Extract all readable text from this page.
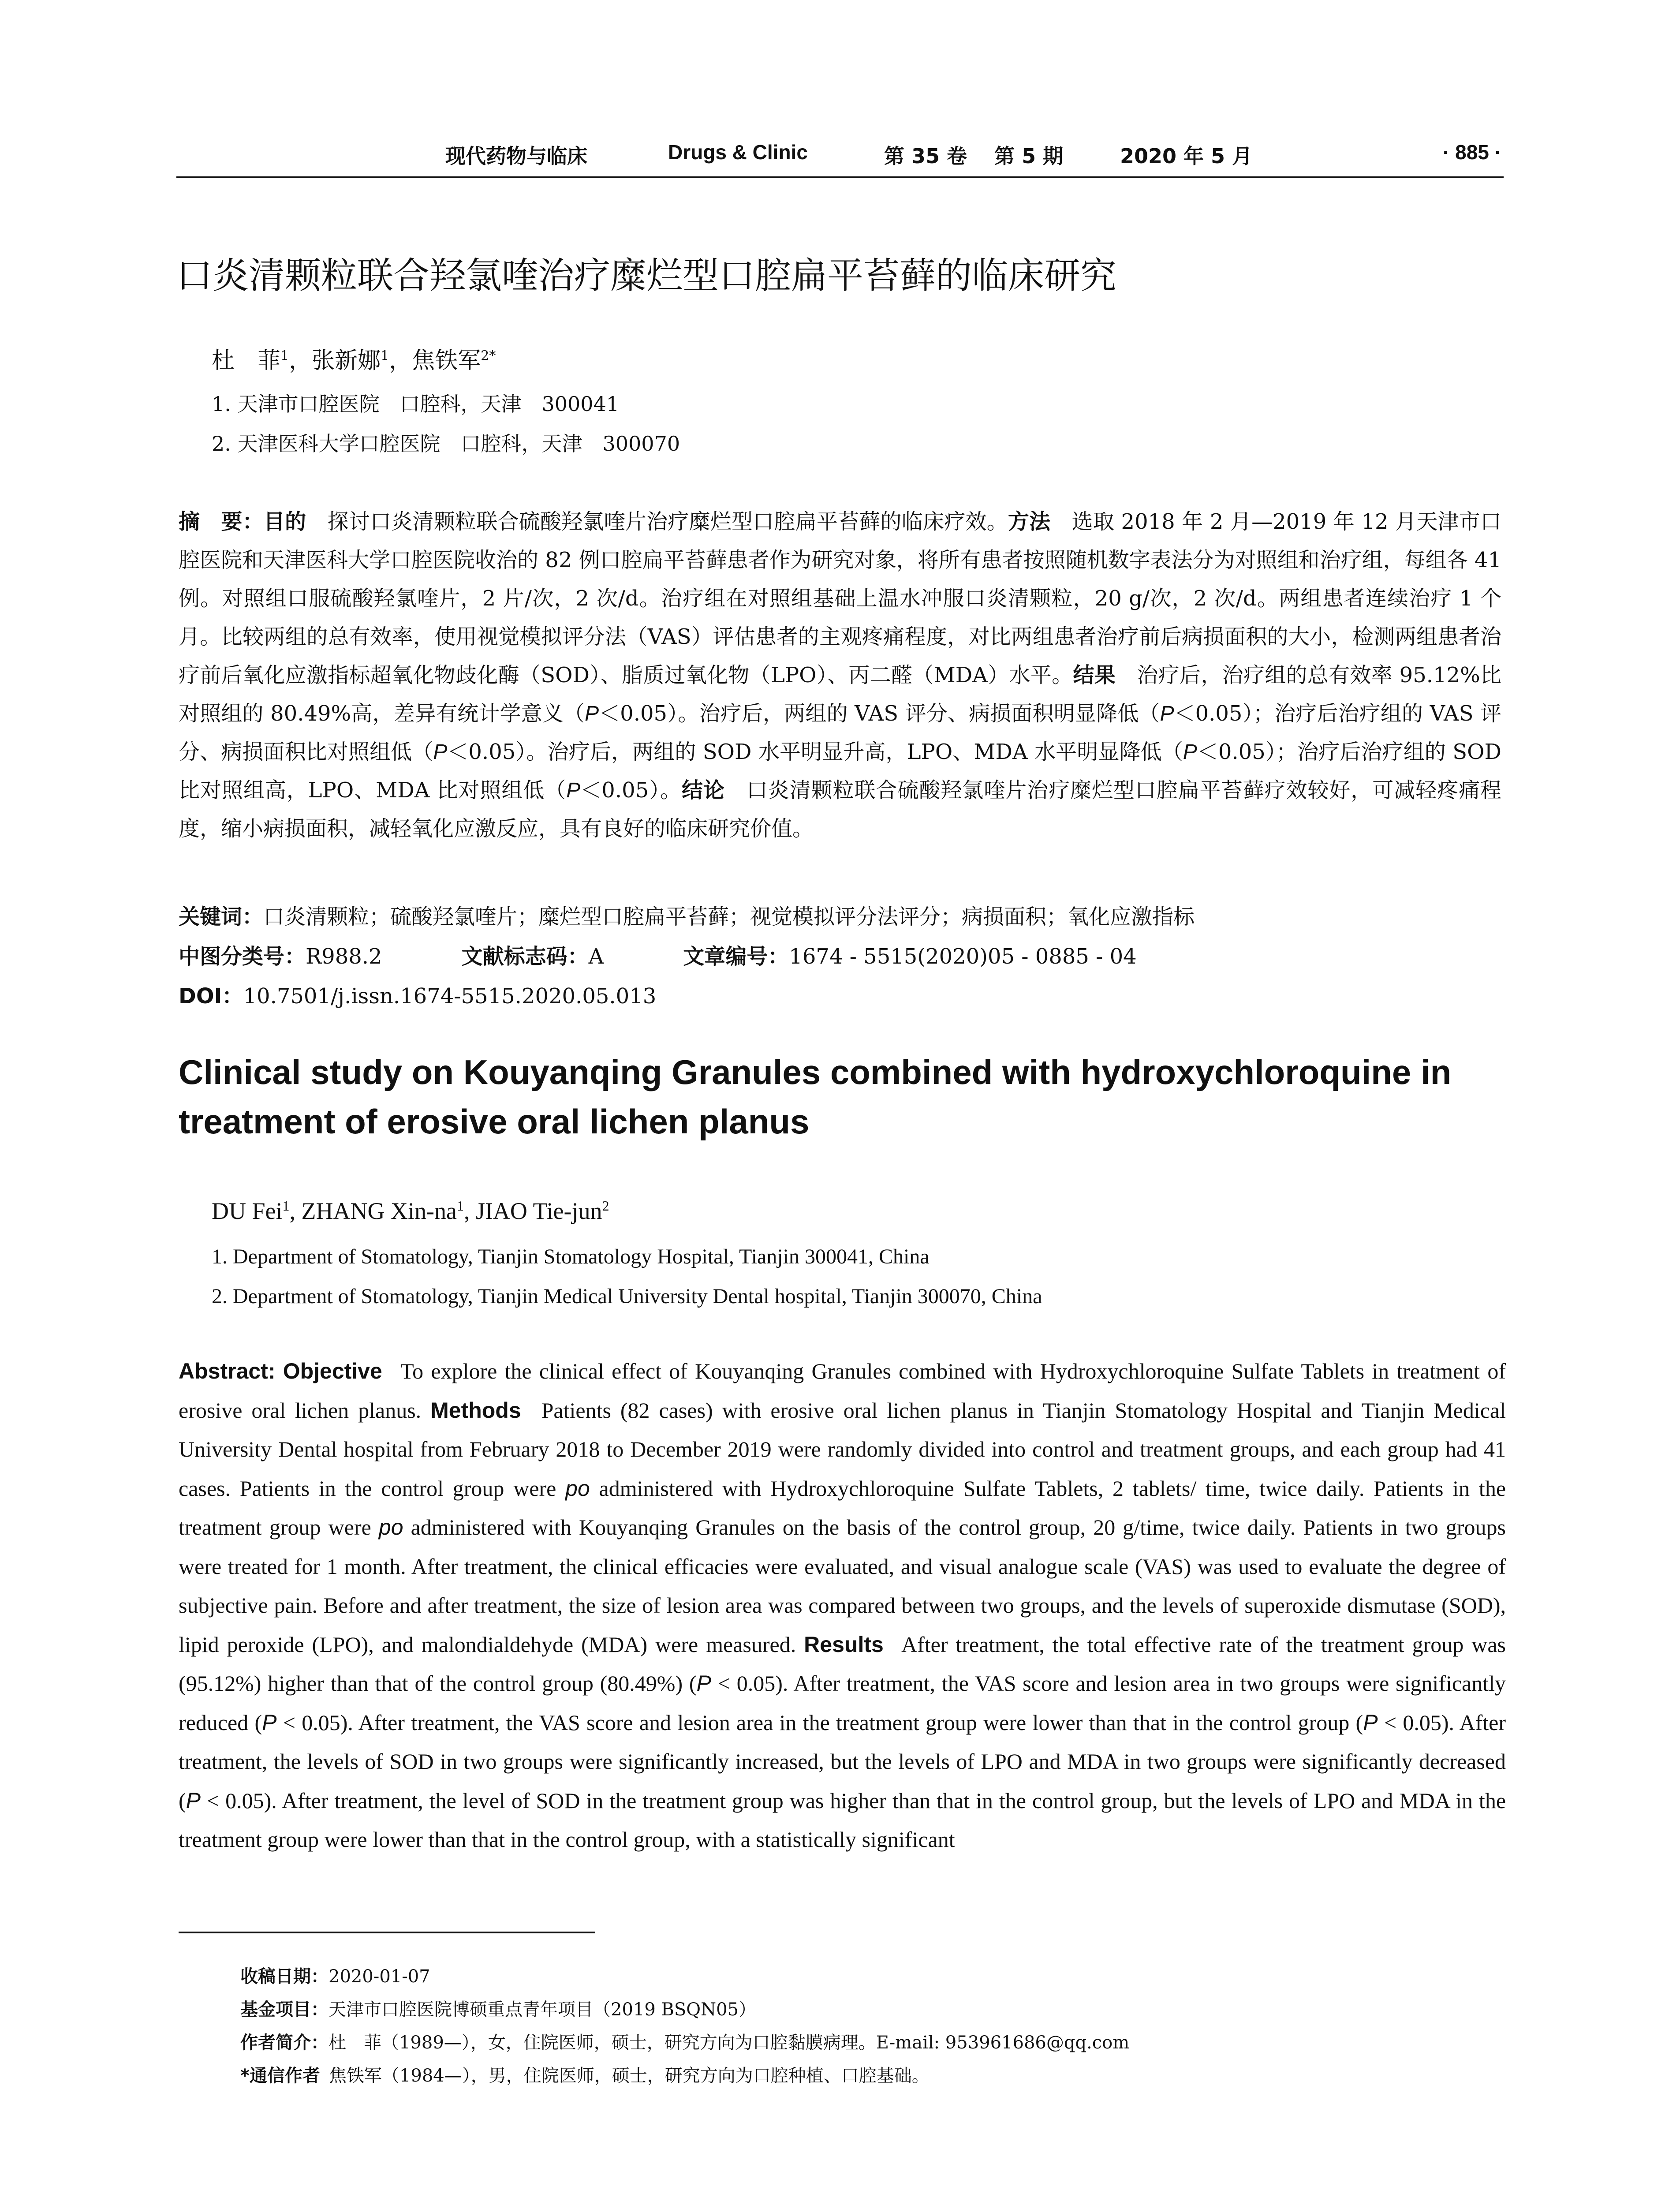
现代药物与临床	Drugs & Clinic	第 35 卷 第 5 期	2020 年 5 月	· 885 ·
口炎清颗粒联合羟氯喹治疗糜烂型口腔扁平苔藓的临床研究
杜　菲$^1$，张新娜$^1$，焦铁军$^{2*}$
1. 天津市口腔医院　口腔科，天津　300041
2. 天津医科大学口腔医院　口腔科，天津　300070
摘　要：目的  探讨口炎清颗粒联合硫酸羟氯喹片治疗糜烂型口腔扁平苔藓的临床疗效。方法  选取 2018 年 2 月—2019 年 12 月天津市口腔医院和天津医科大学口腔医院收治的 82 例口腔扁平苔藓患者作为研究对象，将所有患者按照随机数字表法分为对照组和治疗组，每组各 41 例。对照组口服硫酸羟氯喹片，2 片/次，2 次/d。治疗组在对照组基础上温水冲服口炎清颗粒，20 g/次，2 次/d。两组患者连续治疗 1 个月。比较两组的总有效率，使用视觉模拟评分法（VAS）评估患者的主观疼痛程度，对比两组患者治疗前后病损面积的大小，检测两组患者治疗前后氧化应激指标超氧化物歧化酶（SOD）、脂质过氧化物（LPO）、丙二醛（MDA）水平。结果  治疗后，治疗组的总有效率 95.12%比对照组的 80.49%高，差异有统计学意义（P＜0.05）。治疗后，两组的 VAS 评分、病损面积明显降低（P＜0.05）；治疗后治疗组的 VAS 评分、病损面积比对照组低（P＜0.05）。治疗后，两组的 SOD 水平明显升高，LPO、MDA 水平明显降低（P＜0.05）；治疗后治疗组的 SOD 比对照组高，LPO、MDA 比对照组低（P＜0.05）。结论  口炎清颗粒联合硫酸羟氯喹片治疗糜烂型口腔扁平苔藓疗效较好，可减轻疼痛程度，缩小病损面积，减轻氧化应激反应，具有良好的临床研究价值。
关键词：口炎清颗粒；硫酸羟氯喹片；糜烂型口腔扁平苔藓；视觉模拟评分法评分；病损面积；氧化应激指标
中图分类号：R988.2	文献标志码：A	文章编号：1674 - 5515(2020)05 - 0885 - 04
DOI：10.7501/j.issn.1674-5515.2020.05.013
Clinical study on Kouyanqing Granules combined with hydroxychloroquine in treatment of erosive oral lichen planus
DU Fei$^1$, ZHANG Xin-$na^1$, JIAO Tie-jun$^2$
1. Department of Stomatology, Tianjin Stomatology Hospital, Tianjin 300041, China
2. Department of Stomatology, Tianjin Medical University Dental hospital, Tianjin 300070, China
Abstract: Objective  To explore the clinical effect of Kouyanqing Granules combined with Hydroxychloroquine Sulfate Tablets in treatment of erosive oral lichen planus. Methods  Patients (82 cases) with erosive oral lichen planus in Tianjin Stomatology Hospital and Tianjin Medical University Dental hospital from February 2018 to December 2019 were randomly divided into control and treatment groups, and each group had 41 cases. Patients in the control group were po administered with Hydroxychloroquine Sulfate Tablets, 2 tablets/ time, twice daily. Patients in the treatment group were po administered with Kouyanqing Granules on the basis of the control group, 20 g/time, twice daily. Patients in two groups were treated for 1 month. After treatment, the clinical efficacies were evaluated, and visual analogue scale (VAS) was used to evaluate the degree of subjective pain. Before and after treatment, the size of lesion area was compared between two groups, and the levels of superoxide dismutase (SOD), lipid peroxide (LPO), and malondialdehyde (MDA) were measured. Results  After treatment, the total effective rate of the treatment group was (95.12%) higher than that of the control group (80.49%) (P < 0.05). After treatment, the VAS score and lesion area in two groups were significantly reduced (P < 0.05). After treatment, the VAS score and lesion area in the treatment group were lower than that in the control group (P < 0.05). After treatment, the levels of SOD in two groups were significantly increased, but the levels of LPO and MDA in two groups were significantly decreased (P < 0.05). After treatment, the level of SOD in the treatment group was higher than that in the control group, but the levels of LPO and MDA in the treatment group were lower than that in the control group, with a statistically significant
收稿日期：2020-01-07
基金项目：天津市口腔医院博硕重点青年项目（2019 BSQN05）
作者简介：杜　菲（1989—），女，住院医师，硕士，研究方向为口腔黏膜病理。E-mail: 953961686@qq.com
*通信作者  焦铁军（1984—），男，住院医师，硕士，研究方向为口腔种植、口腔基础。
